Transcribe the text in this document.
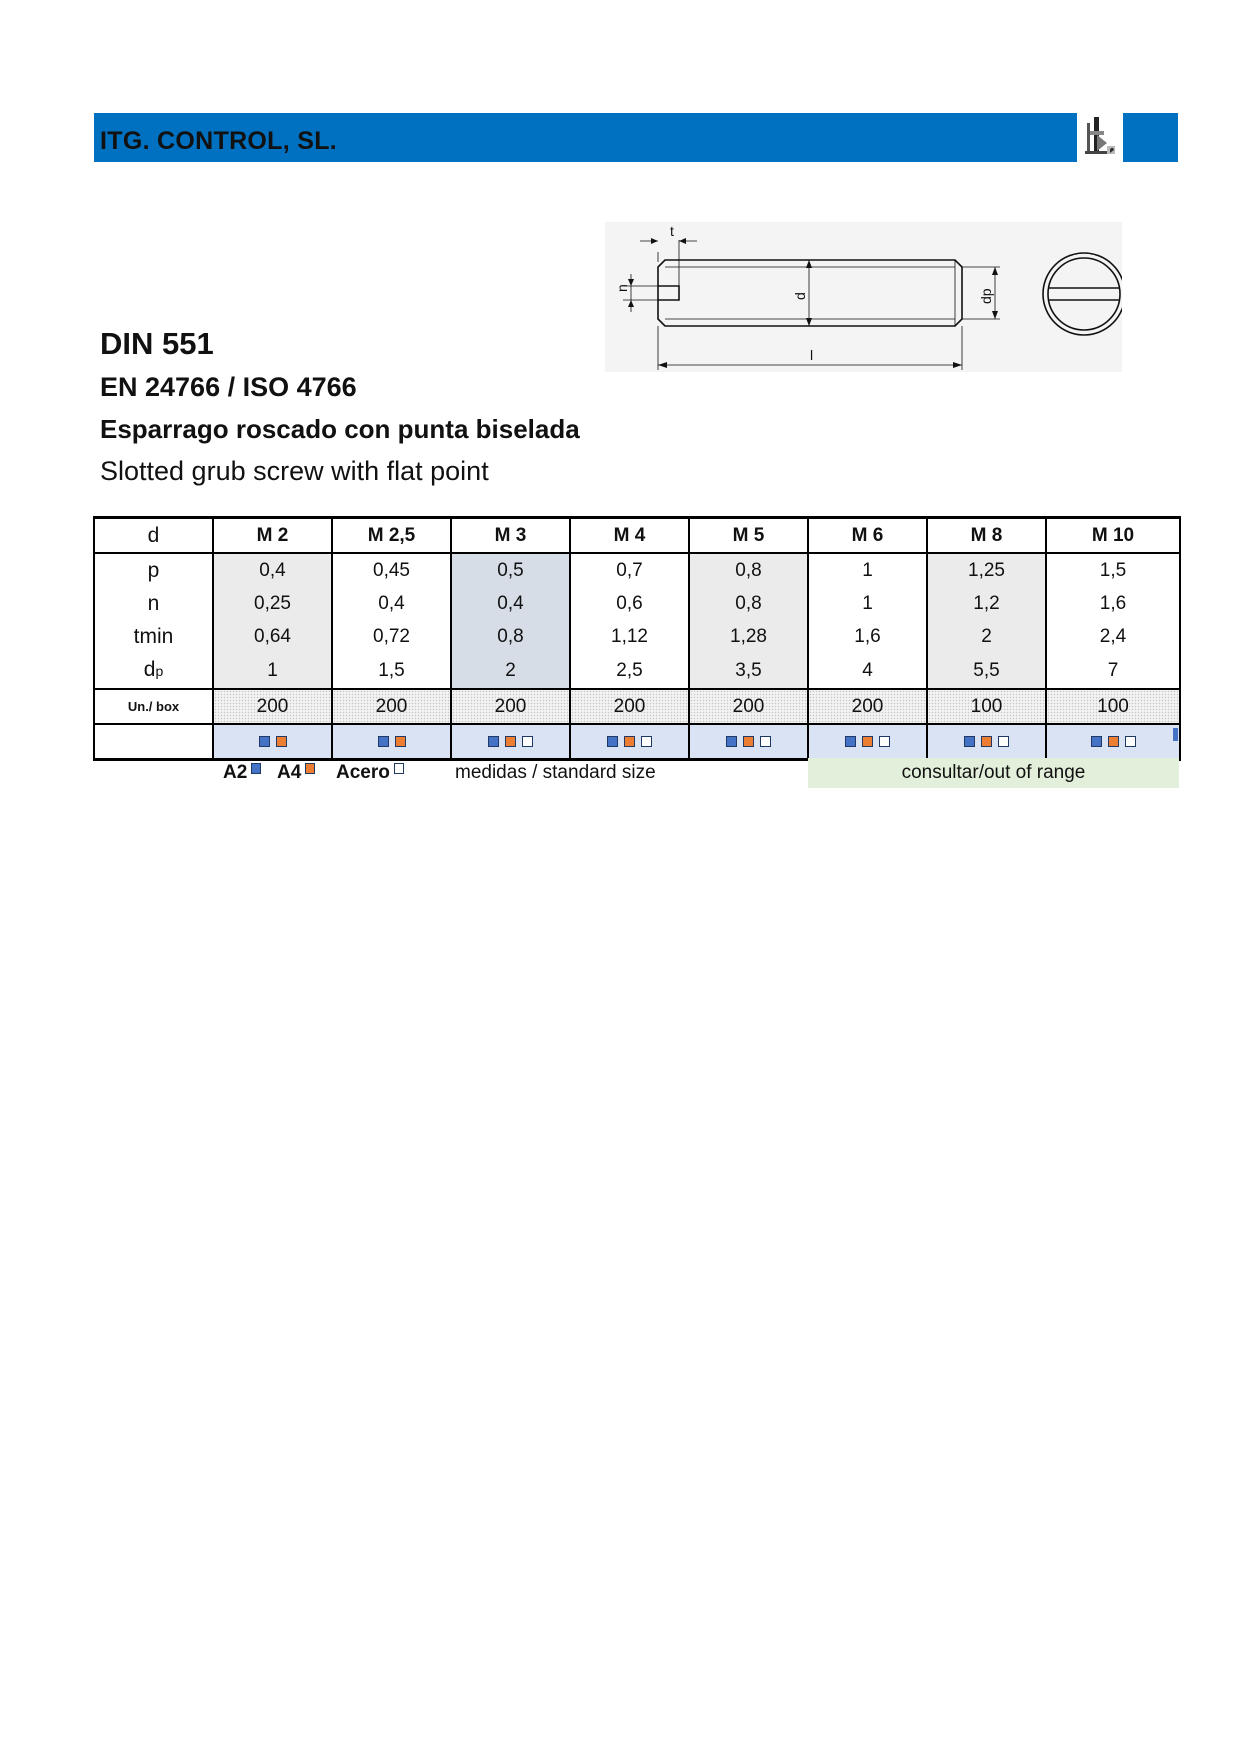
ITG. CONTROL, SL.
DIN 551
EN 24766 / ISO 4766
Esparrago roscado con punta biselada
Slotted grub screw with flat point
t
n
d	dp
l
d	M 2	M 2,5	M 3	M 4	M 5	M 6	M 8	M 10
p	0,4	0,45	0,5	0,7	0,8	1	1,25	1,5
n	0,25	0,4	0,4	0,6	0,8	1	1,2	1,6
tmin	0,64	0,72	0,8	1,12	1,28	1,6	2	2,4
dp	1	1,5	2	2,5	3,5	4	5,5	7
Un./ box	200	200	200	200	200	200	100	100

A2	A4	Acero	medidas / standard size	consultar/out of range
